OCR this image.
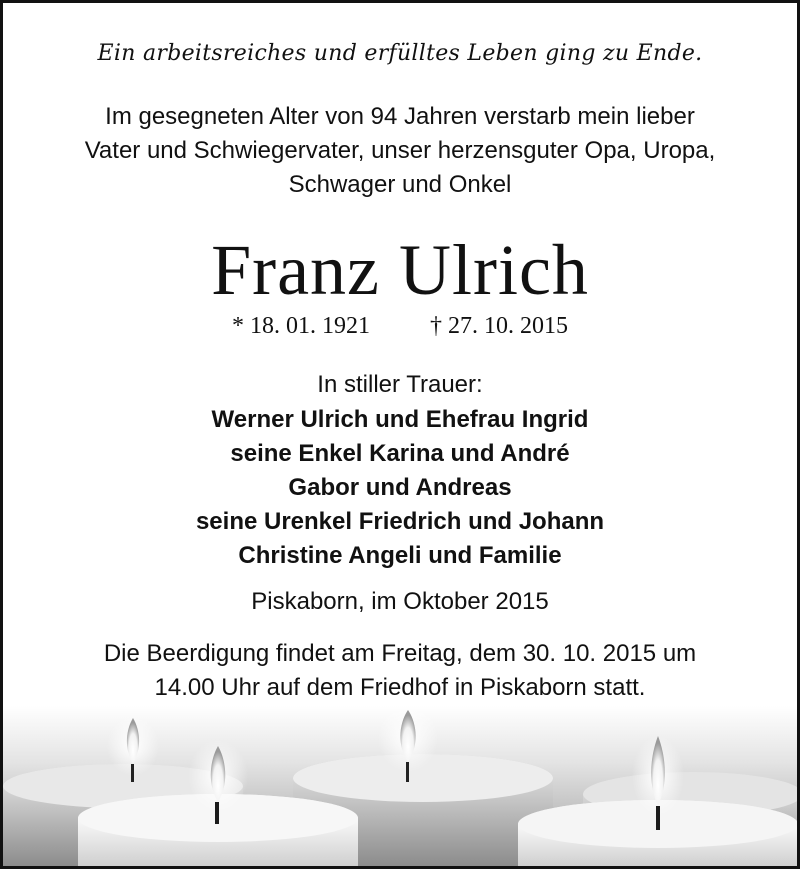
Ein arbeitsreiches und erfülltes Leben ging zu Ende.
Im gesegneten Alter von 94 Jahren verstarb mein lieber
Vater und Schwiegervater, unser herzensguter Opa, Uropa,
Schwager und Onkel
Franz Ulrich
* 18. 01. 1921	† 27. 10. 2015
In stiller Trauer:
Werner Ulrich und Ehefrau Ingrid
seine Enkel Karina und André
Gabor und Andreas
seine Urenkel Friedrich und Johann
Christine Angeli und Familie
Piskaborn, im Oktober 2015
Die Beerdigung findet am Freitag, dem 30. 10. 2015 um
14.00 Uhr auf dem Friedhof in Piskaborn statt.
